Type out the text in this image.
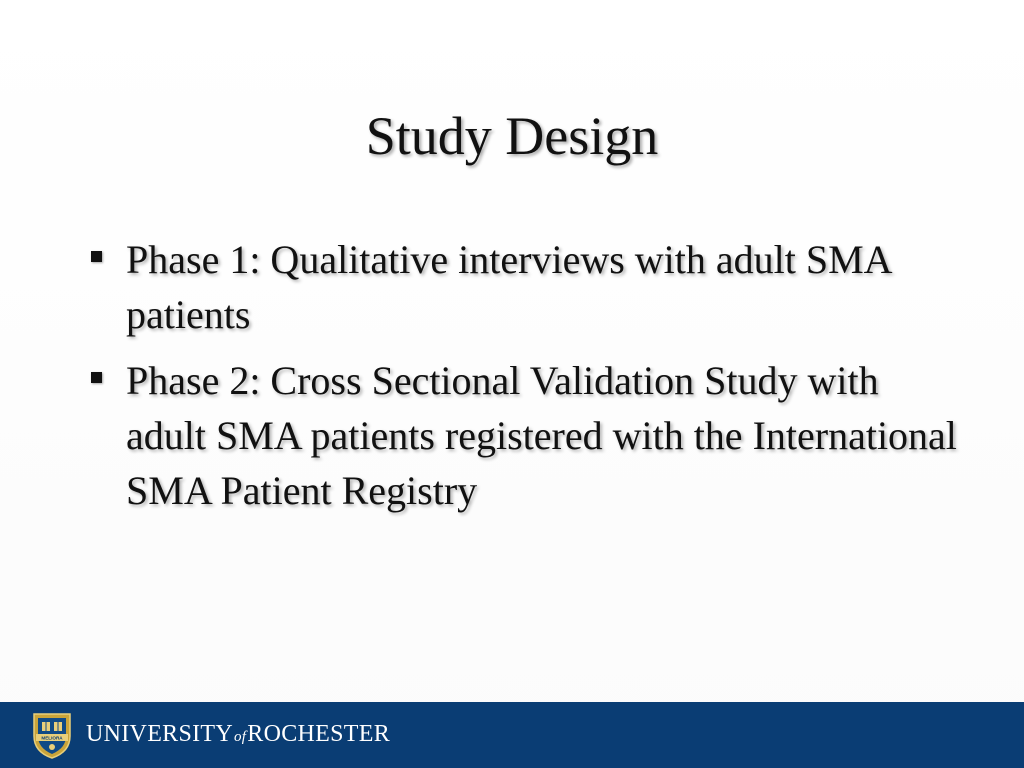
Study Design
Phase 1: Qualitative interviews with adult SMA patients
Phase 2: Cross Sectional Validation Study with adult SMA patients registered with the International SMA Patient Registry
MELIORA UNIVERSITYofROCHESTER
